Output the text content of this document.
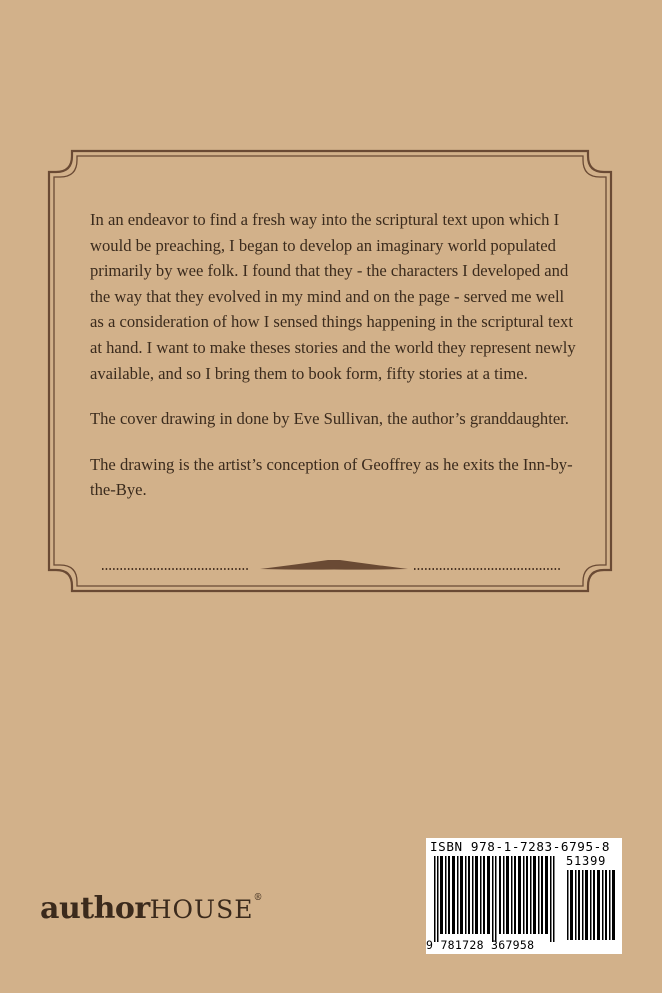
In an endeavor to find a fresh way into the scriptural text upon which I would be preaching, I began to develop an imaginary world populated primarily by wee folk. I found that they - the characters I developed and the way that they evolved in my mind and on the page - served me well as a consideration of how I sensed things happening in the scriptural text at hand. I want to make theses stories and the world they represent newly available, and so I bring them to book form, fifty stories at a time.

The cover drawing in done by Eve Sullivan, the author’s granddaughter.

The drawing is the artist’s conception of Geoffrey as he exits the Inn-by-the-Bye.

authorHOUSE®
ISBN 978-1-7283-6795-8
51399
9 781728 367958
